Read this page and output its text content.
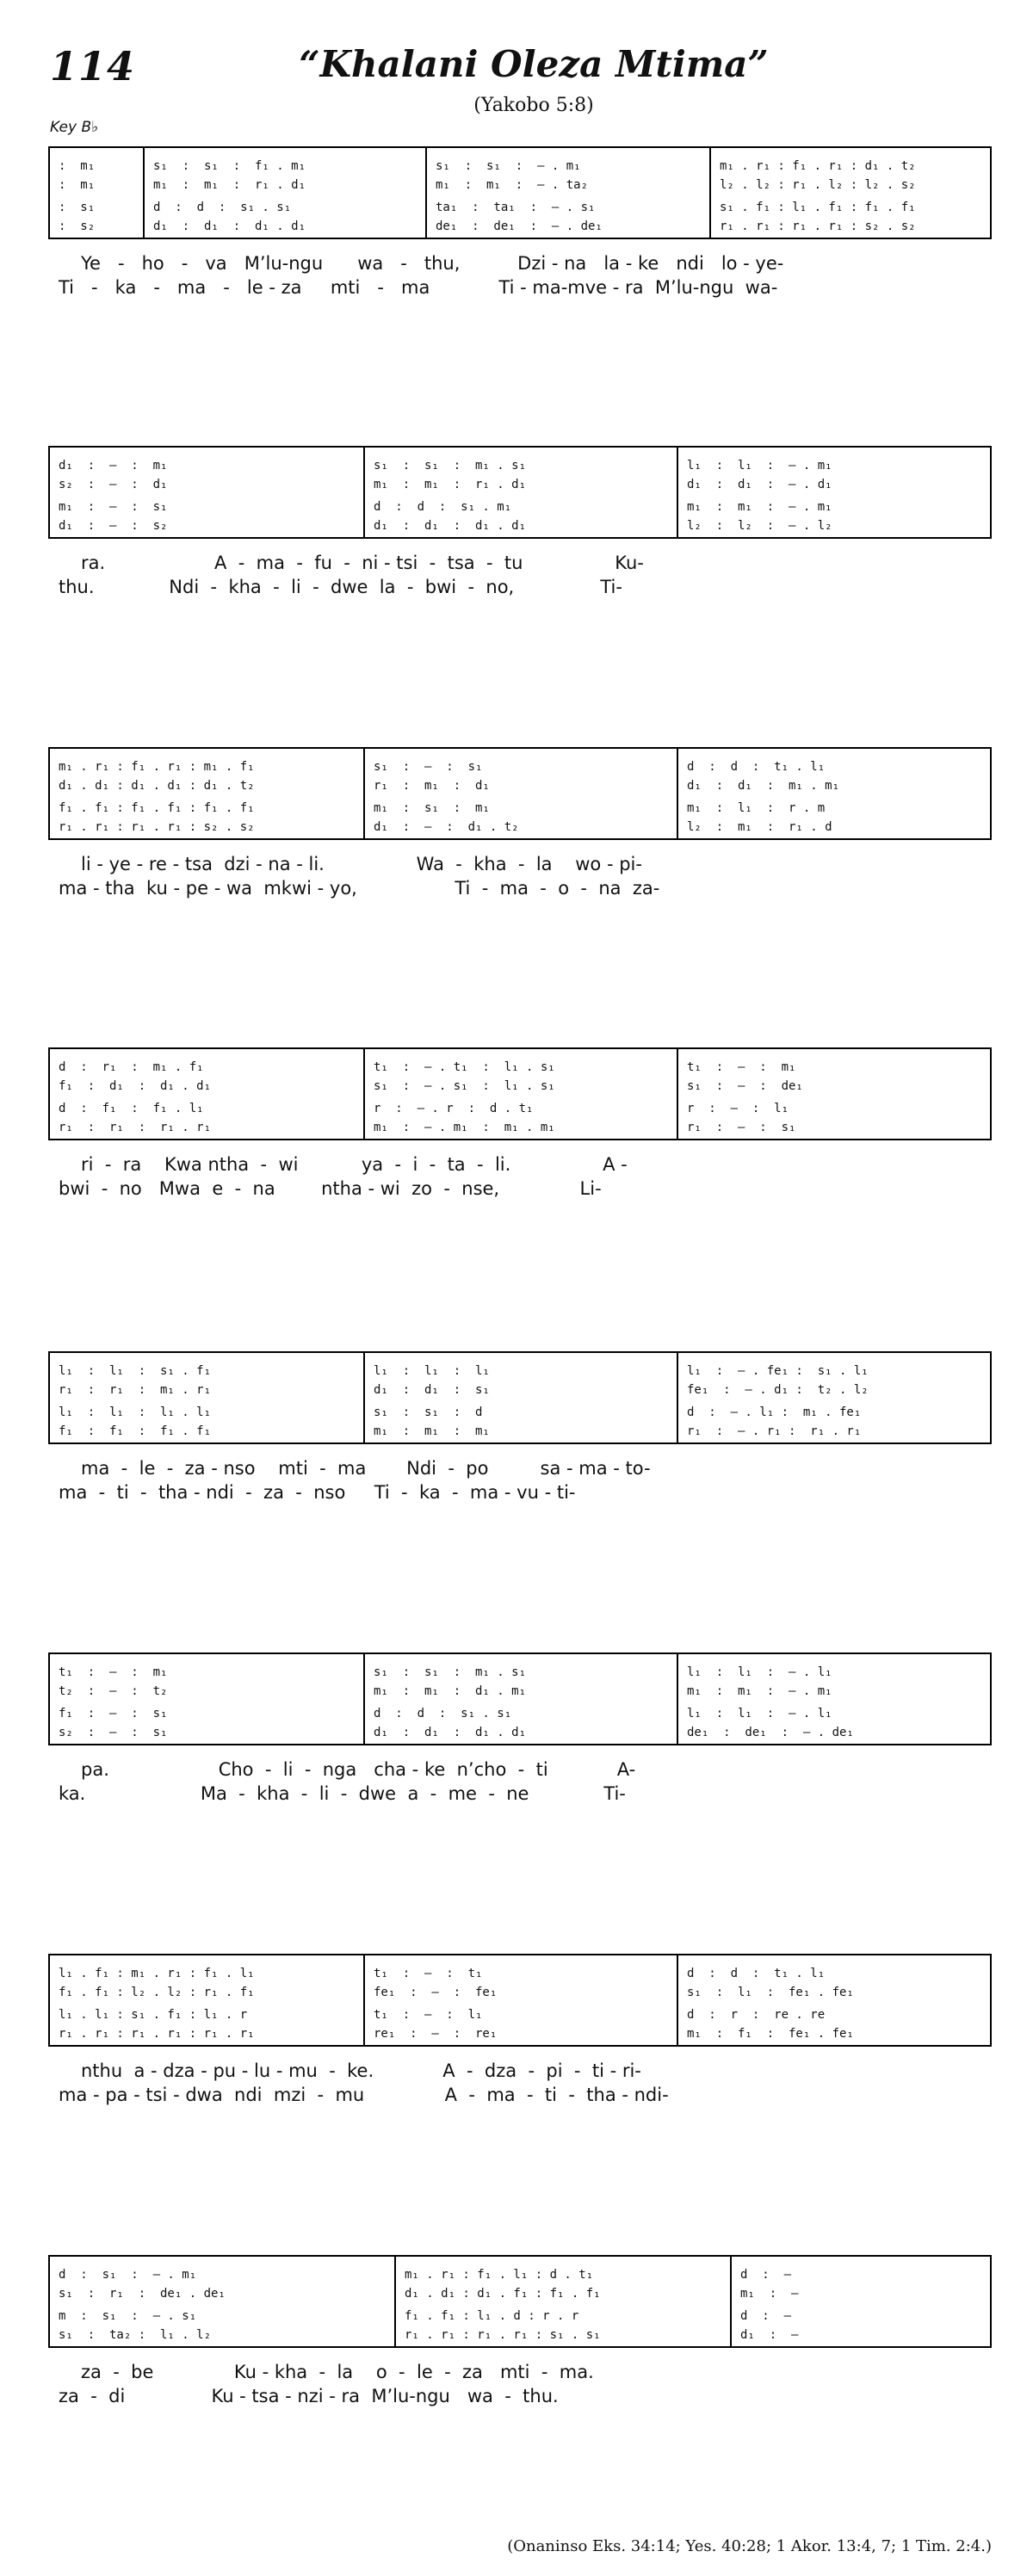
114	“Khalani Oleza Mtima”
(Yakobo 5:8)
Key B♭
:  m₁
:  m₁
:  s₁
:  s₂
s₁  :  s₁  :  f₁ . m₁
m₁  :  m₁  :  r₁ . d₁
d  :  d  :  s₁ . s₁
d₁  :  d₁  :  d₁ . d₁
s₁  :  s₁  :  – . m₁
m₁  :  m₁  :  – . ta₂
ta₁  :  ta₁  :  – . s₁
de₁  :  de₁  :  – . de₁
m₁ . r₁ : f₁ . r₁ : d₁ . t₂
l₂ . l₂ : r₁ . l₂ : l₂ . s₂
s₁ . f₁ : l₁ . f₁ : f₁ . f₁
r₁ . r₁ : r₁ . r₁ : s₂ . s₂
Ye   -   ho   -   va   M’lu-ngu      wa   -   thu,          Dzi - na   la - ke   ndi   lo - ye-
Ti   -   ka   -   ma   -   le - za     mti   -   ma            Ti - ma-mve - ra  M’lu-ngu  wa-
d₁  :  —  :  m₁
s₂  :  —  :  d₁
m₁  :  —  :  s₁
d₁  :  —  :  s₂
s₁  :  s₁  :  m₁ . s₁
m₁  :  m₁  :  r₁ . d₁
d  :  d  :  s₁ . m₁
d₁  :  d₁  :  d₁ . d₁
l₁  :  l₁  :  – . m₁
d₁  :  d₁  :  – . d₁
m₁  :  m₁  :  – . m₁
l₂  :  l₂  :  – . l₂
ra.                   A  -  ma  -  fu  -  ni - tsi  -  tsa  -  tu                Ku-
thu.             Ndi  -  kha  -  li  -  dwe  la  -  bwi  -  no,               Ti-
m₁ . r₁ : f₁ . r₁ : m₁ . f₁
d₁ . d₁ : d₁ . d₁ : d₁ . t₂
f₁ . f₁ : f₁ . f₁ : f₁ . f₁
r₁ . r₁ : r₁ . r₁ : s₂ . s₂
s₁  :  —  :  s₁
r₁  :  m₁  :  d₁
m₁  :  s₁  :  m₁
d₁  :  —  :  d₁ . t₂
d  :  d  :  t₁ . l₁
d₁  :  d₁  :  m₁ . m₁
m₁  :  l₁  :  r . m
l₂  :  m₁  :  r₁ . d
li - ye - re - tsa  dzi - na - li.                Wa  -  kha  -  la    wo - pi-
ma - tha  ku - pe - wa  mkwi - yo,                 Ti  -  ma  -  o  -  na  za-
d  :  r₁  :  m₁ . f₁
f₁  :  d₁  :  d₁ . d₁
d  :  f₁  :  f₁ . l₁
r₁  :  r₁  :  r₁ . r₁
t₁  :  – . t₁  :  l₁ . s₁
s₁  :  – . s₁  :  l₁ . s₁
r  :  – . r  :  d . t₁
m₁  :  – . m₁  :  m₁ . m₁
t₁  :  —  :  m₁
s₁  :  —  :  de₁
r  :  —  :  l₁
r₁  :  —  :  s₁
ri  -  ra    Kwa ntha  -  wi           ya  -  i  -  ta  -  li.                A -
bwi  -  no   Mwa  e  -  na        ntha - wi  zo  -  nse,              Li-
l₁  :  l₁  :  s₁ . f₁
r₁  :  r₁  :  m₁ . r₁
l₁  :  l₁  :  l₁ . l₁
f₁  :  f₁  :  f₁ . f₁
l₁  :  l₁  :  l₁
d₁  :  d₁  :  s₁
s₁  :  s₁  :  d
m₁  :  m₁  :  m₁
l₁  :  – . fe₁ :  s₁ . l₁
fe₁  :  – . d₁ :  t₂ . l₂
d  :  – . l₁ :  m₁ . fe₁
r₁  :  – . r₁ :  r₁ . r₁
ma  -  le  -  za - nso    mti  -  ma       Ndi  -  po         sa - ma - to-
ma  -  ti  -  tha - ndi  -  za  -  nso     Ti  -  ka  -  ma - vu - ti-
t₁  :  —  :  m₁
t₂  :  —  :  t₂
f₁  :  —  :  s₁
s₂  :  —  :  s₁
s₁  :  s₁  :  m₁ . s₁
m₁  :  m₁  :  d₁ . m₁
d  :  d  :  s₁ . s₁
d₁  :  d₁  :  d₁ . d₁
l₁  :  l₁  :  – . l₁
m₁  :  m₁  :  – . m₁
l₁  :  l₁  :  – . l₁
de₁  :  de₁  :  – . de₁
pa.                   Cho  -  li  -  nga   cha - ke  n’cho  -  ti            A-
ka.                    Ma  -  kha  -  li  -  dwe  a  -  me  -  ne             Ti-
l₁ . f₁ : m₁ . r₁ : f₁ . l₁
f₁ . f₁ : l₂ . l₂ : r₁ . f₁
l₁ . l₁ : s₁ . f₁ : l₁ . r
r₁ . r₁ : r₁ . r₁ : r₁ . r₁
t₁  :  —  :  t₁
fe₁  :  —  :  fe₁
t₁  :  —  :  l₁
re₁  :  —  :  re₁
d  :  d  :  t₁ . l₁
s₁  :  l₁  :  fe₁ . fe₁
d  :  r  :  re . re
m₁  :  f₁  :  fe₁ . fe₁
nthu  a - dza - pu - lu - mu  -  ke.            A  -  dza  -  pi  -  ti - ri-
ma - pa - tsi - dwa  ndi  mzi  -  mu              A  -  ma  -  ti  -  tha - ndi-
d  :  s₁  :  – . m₁
s₁  :  r₁  :  de₁ . de₁
m  :  s₁  :  – . s₁
s₁  :  ta₂ :  l₁ . l₂
m₁ . r₁ : f₁ . l₁ : d . t₁
d₁ . d₁ : d₁ . f₁ : f₁ . f₁
f₁ . f₁ : l₁ . d : r . r
r₁ . r₁ : r₁ . r₁ : s₁ . s₁
d  :  —
m₁  :  —
d  :  —
d₁  :  —
za  -  be              Ku - kha  -  la    o  -  le  -  za   mti  -  ma.
za  -  di               Ku - tsa - nzi - ra  M’lu-ngu   wa  -  thu.
(Onaninso Eks. 34:14; Yes. 40:28; 1 Akor. 13:4, 7; 1 Tim. 2:4.)
